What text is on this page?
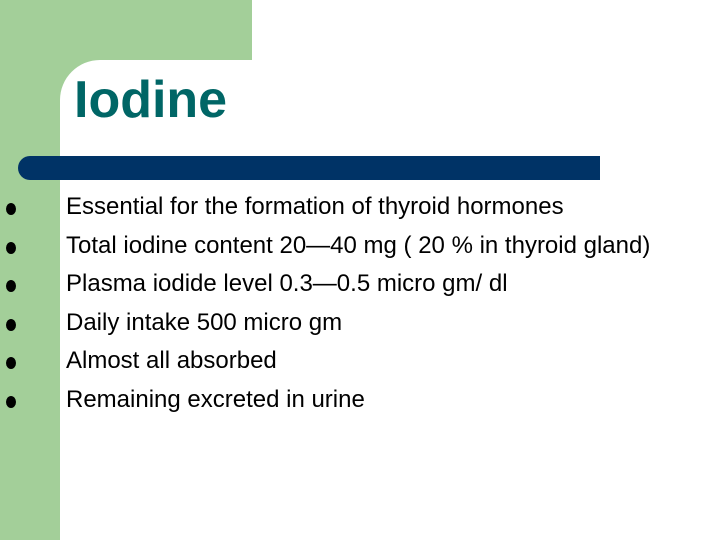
Iodine
Essential for the formation of thyroid hormones
Total iodine content 20—40 mg ( 20 % in thyroid gland)
Plasma iodide level 0.3—0.5 micro gm/ dl
Daily intake 500 micro gm
Almost all absorbed
Remaining excreted in urine
